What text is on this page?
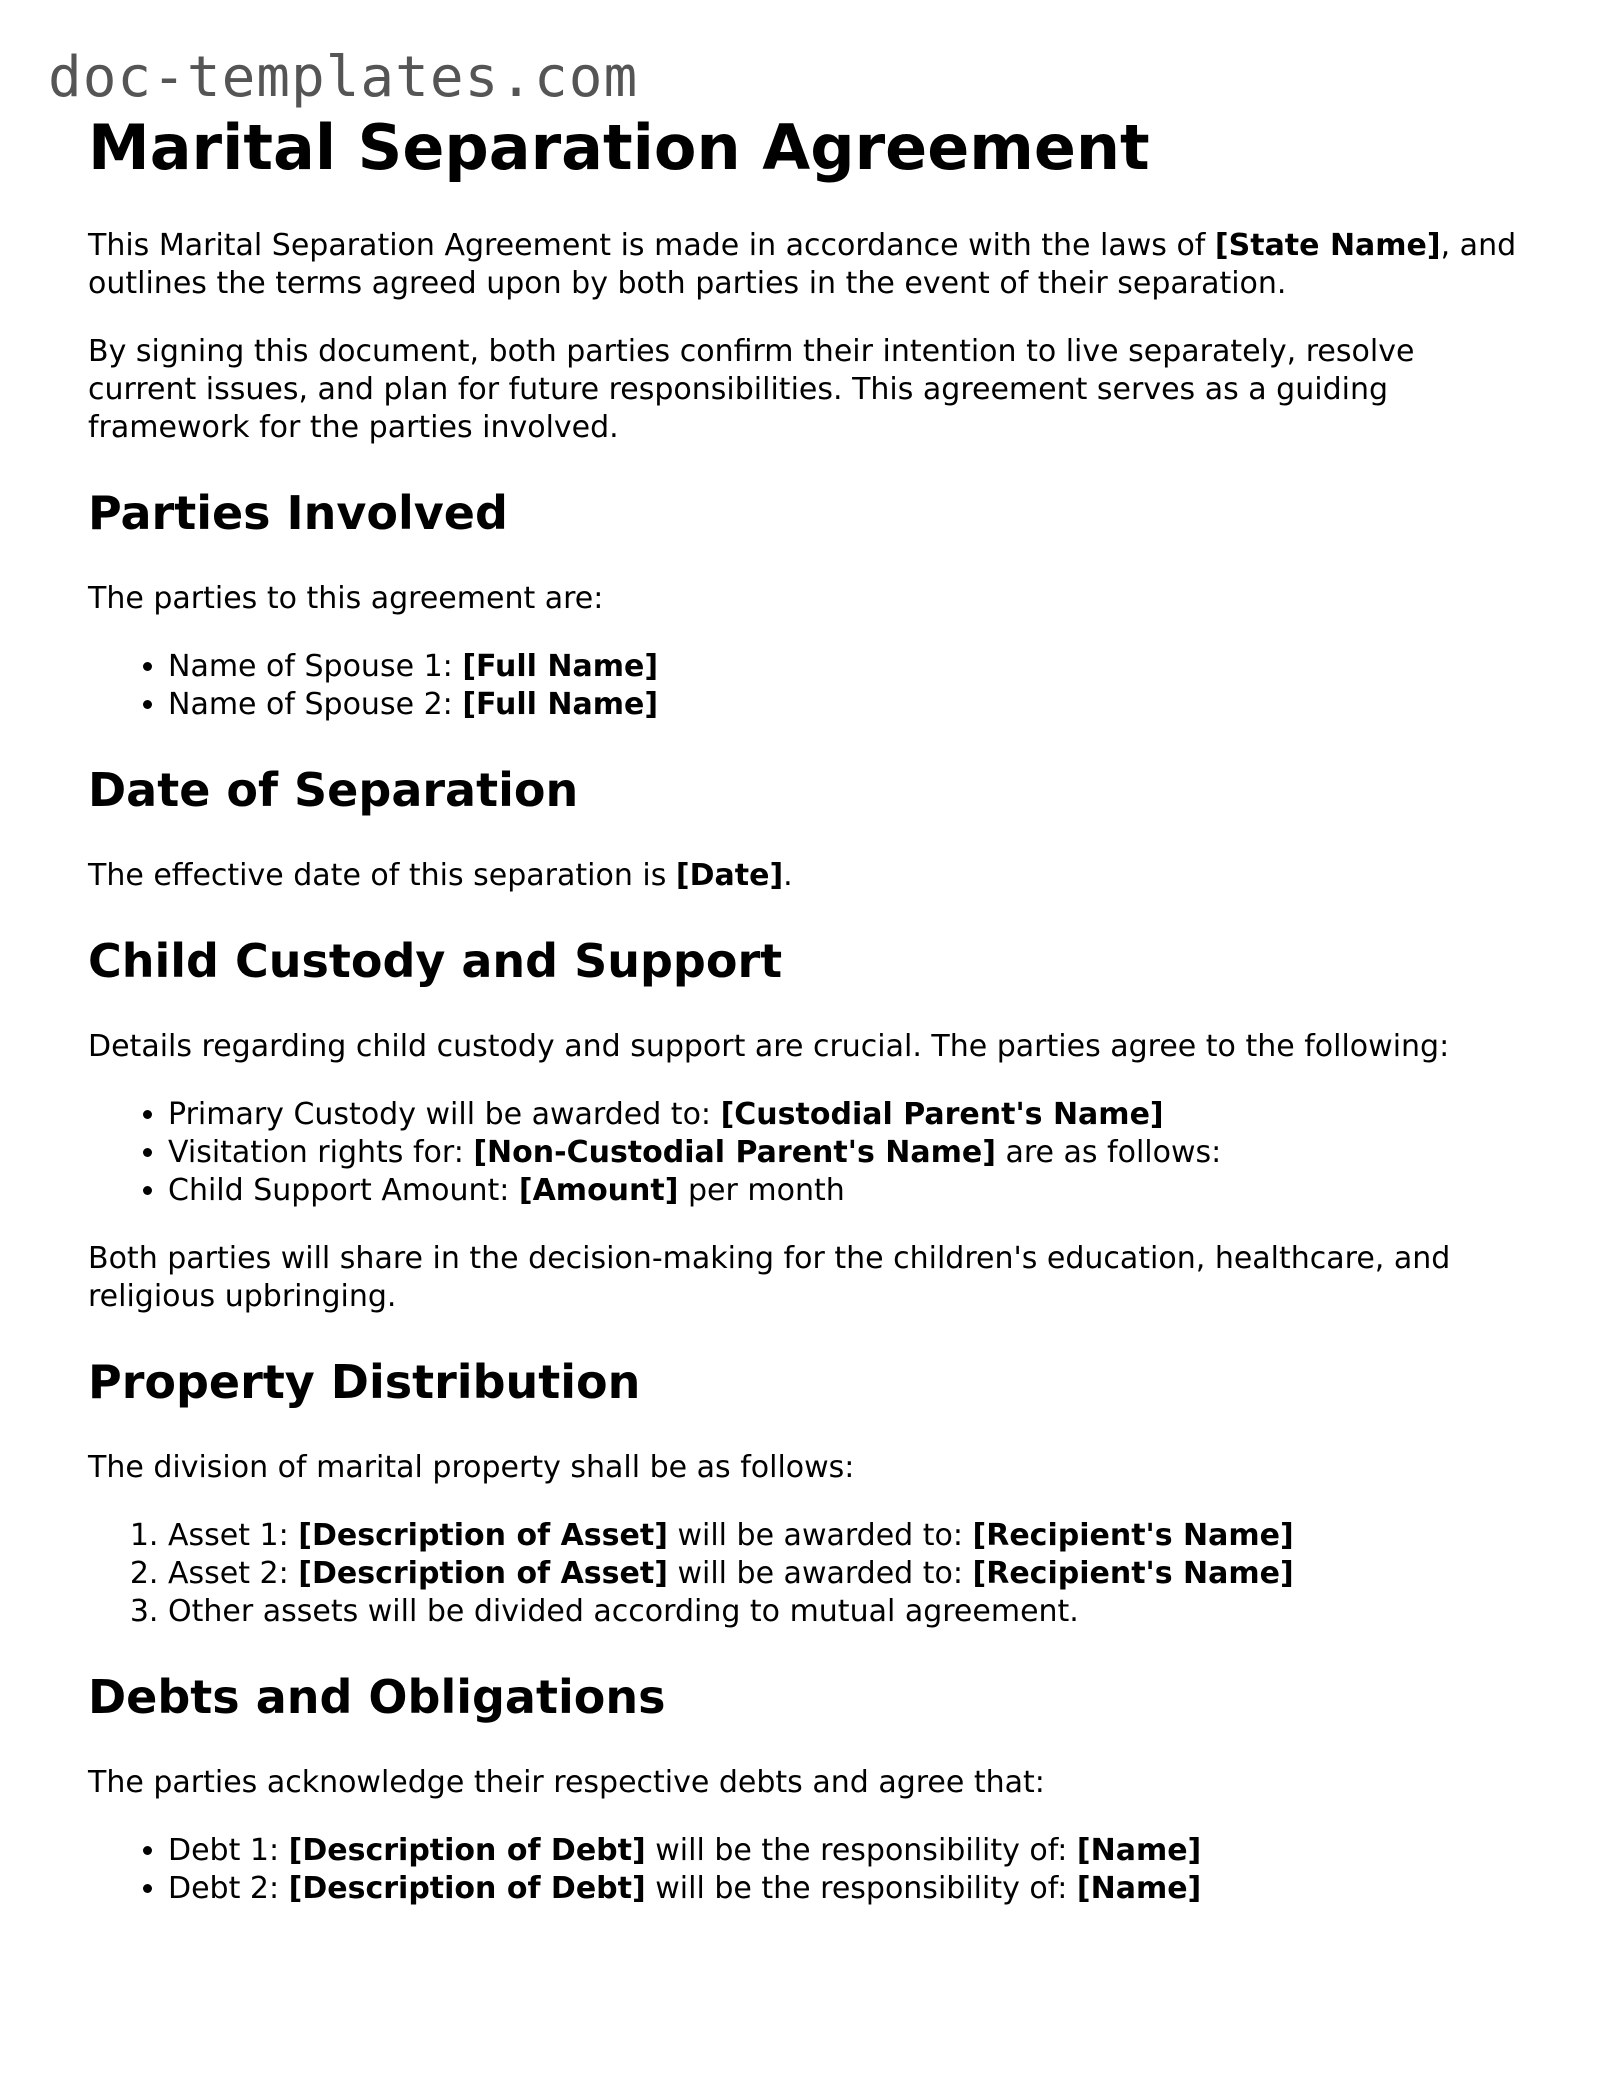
doc-templates.com
Marital Separation Agreement

This Marital Separation Agreement is made in accordance with the laws of [State Name], and outlines the terms agreed upon by both parties in the event of their separation.

By signing this document, both parties confirm their intention to live separately, resolve current issues, and plan for future responsibilities. This agreement serves as a guiding framework for the parties involved.

Parties Involved

The parties to this agreement are:

• Name of Spouse 1: [Full Name]
• Name of Spouse 2: [Full Name]
Date of Separation

The effective date of this separation is [Date].

Child Custody and Support

Details regarding child custody and support are crucial. The parties agree to the following:

• Primary Custody will be awarded to: [Custodial Parent's Name]
• Visitation rights for: [Non-Custodial Parent's Name] are as follows:
• Child Support Amount: [Amount] per month

Both parties will share in the decision-making for the children's education, healthcare, and religious upbringing.

Property Distribution

The division of marital property shall be as follows:

1. Asset 1: [Description of Asset] will be awarded to: [Recipient's Name]
2. Asset 2: [Description of Asset] will be awarded to: [Recipient's Name]
3. Other assets will be divided according to mutual agreement.
Debts and Obligations

The parties acknowledge their respective debts and agree that:

• Debt 1: [Description of Debt] will be the responsibility of: [Name]
• Debt 2: [Description of Debt] will be the responsibility of: [Name]
